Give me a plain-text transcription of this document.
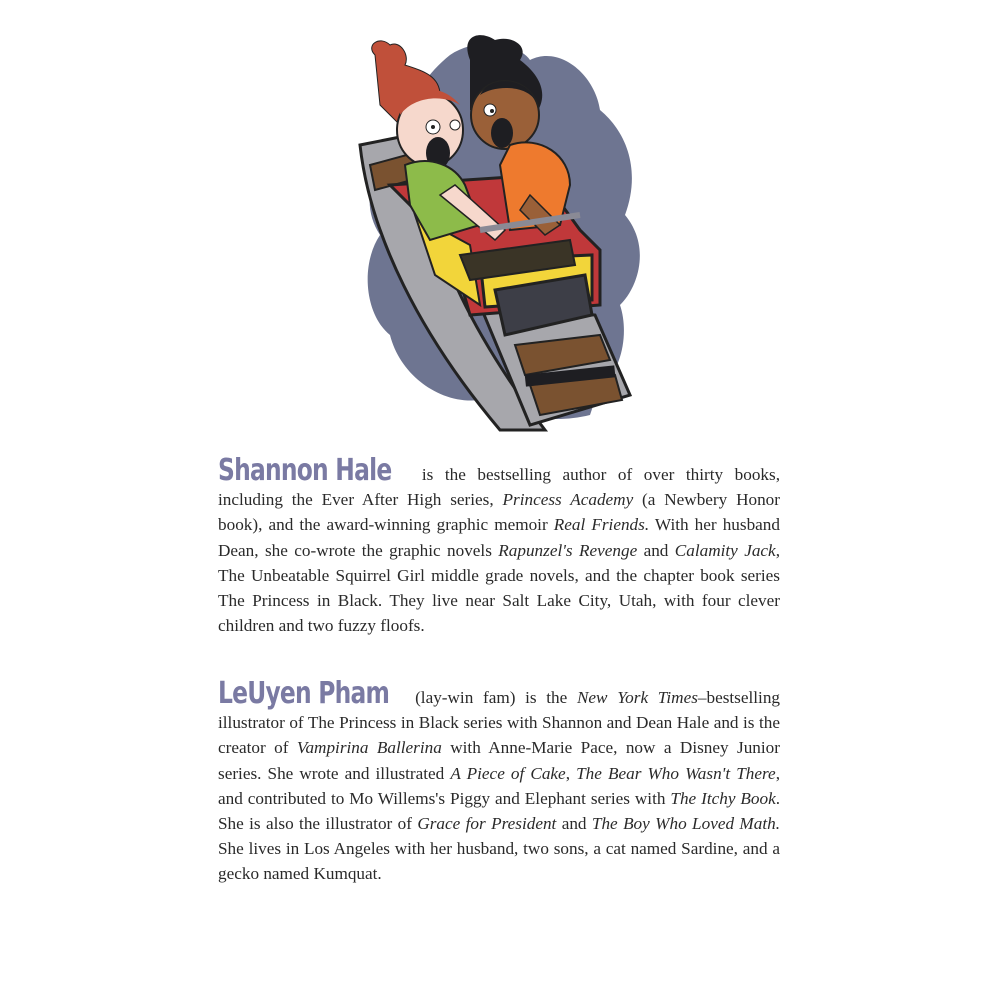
Shannon Hale is the bestselling author of over thirty books, including the Ever After High series, Princess Academy (a Newbery Honor book), and the award-winning graphic memoir Real Friends. With her husband Dean, she co-wrote the graphic novels Rapunzel's Revenge and Calamity Jack, The Unbeatable Squirrel Girl middle grade novels, and the chapter book series The Princess in Black. They live near Salt Lake City, Utah, with four clever children and two fuzzy floofs.

LeUyen Pham (lay-win fam) is the New York Times–bestselling illustrator of The Princess in Black series with Shannon and Dean Hale and is the creator of Vampirina Ballerina with Anne-Marie Pace, now a Disney Junior series. She wrote and illustrated A Piece of Cake, The Bear Who Wasn't There, and contributed to Mo Willems's Piggy and Elephant series with The Itchy Book. She is also the illustrator of Grace for President and The Boy Who Loved Math. She lives in Los Angeles with her husband, two sons, a cat named Sardine, and a gecko named Kumquat.
